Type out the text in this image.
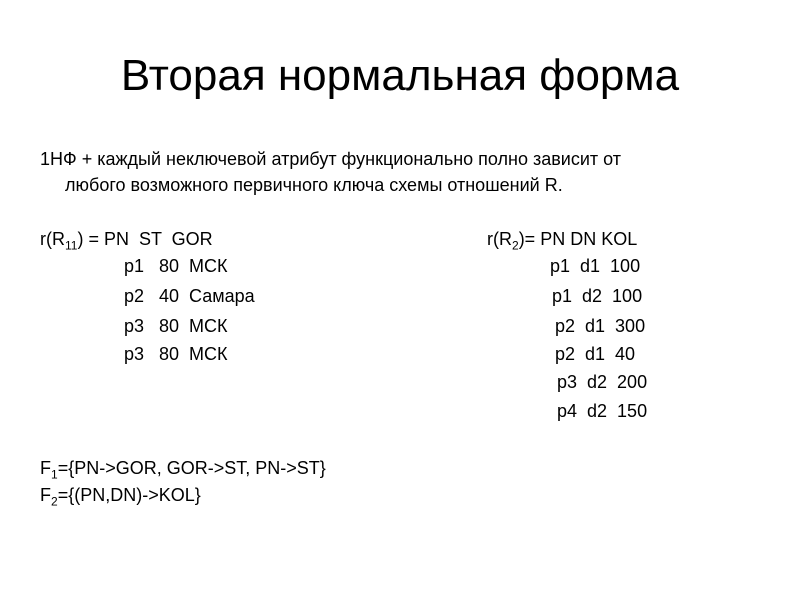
Вторая нормальная форма
1НФ + каждый неключевой атрибут функционально полно зависит от
любого возможного первичного ключа схемы отношений R.
$r(R_{11})$ = PN  ST  GOR
p1   80  МСК
p2   40  Самара
p3   80  МСК
p3   80  МСК
$r(R_2)=$ PN DN KOL
p1  d1  100
p1  d2  100
p2  d1  300
p2  d1  40
p3  d2  200
p4  d2  150
$F_1=\{PN->GOR$, GOR->ST, PN->ST}
$F_2=\{(PN,DN)->KOL\}$
